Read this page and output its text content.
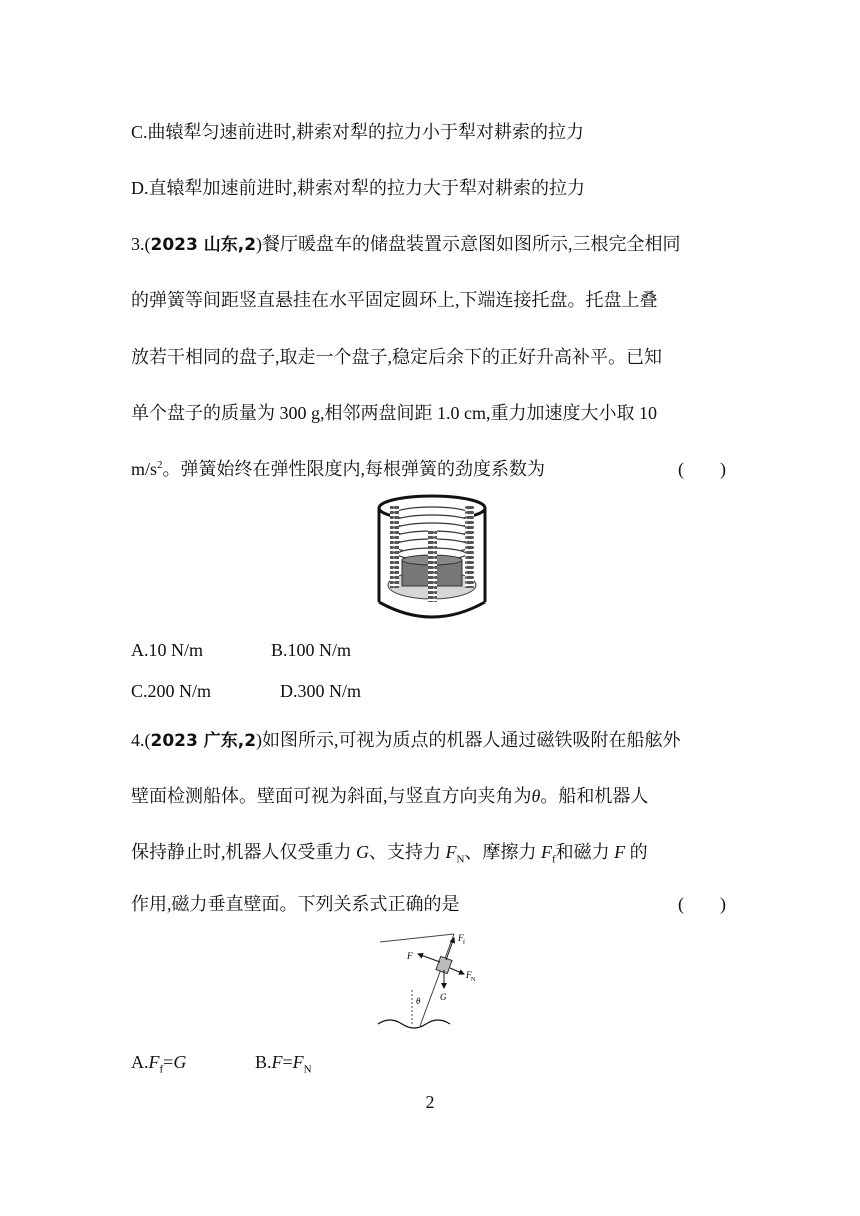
C.曲辕犁匀速前进时,耕索对犁的拉力小于犁对耕索的拉力
D.直辕犁加速前进时,耕索对犁的拉力大于犁对耕索的拉力
3.(2023 山东,2)餐厅暖盘车的储盘装置示意图如图所示,三根完全相同
的弹簧等间距竖直悬挂在水平固定圆环上,下端连接托盘。托盘上叠
放若干相同的盘子,取走一个盘子,稳定后余下的正好升高补平。已知
单个盘子的质量为 300 g,相邻两盘间距 1.0 cm,重力加速度大小取 10
$m/s^2$。弹簧始终在弹性限度内,每根弹簧的劲度系数为	(　　)
A.10 N/m	B.100 N/m
C.200 N/m	D.300 N/m
4.(2023 广东,2)如图所示,可视为质点的机器人通过磁铁吸附在船舷外
壁面检测船体。壁面可视为斜面,与竖直方向夹角为θ。船和机器人
保持静止时,机器人仅受重力 G、支持力 $F_N$、摩擦力 $F_f$和磁力 F 的
作用,磁力垂直壁面。下列关系式正确的是	(　　)
F f
F
F N
G
θ
$A.F_f=G$	$B.F=F_N$
2
